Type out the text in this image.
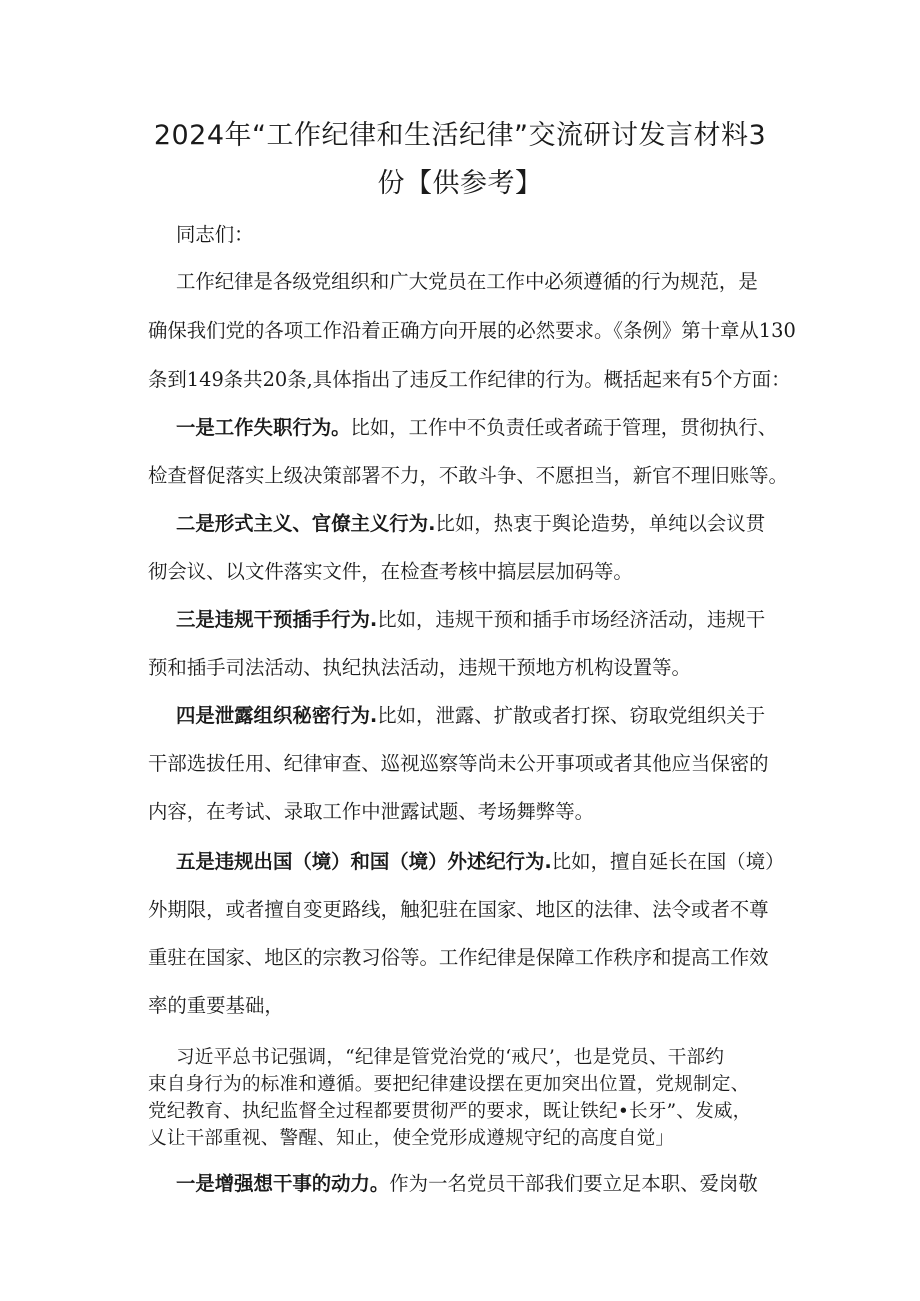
2024年“工作纪律和生活纪律”交流研讨发言材料3
份【供参考】
同志们：
工作纪律是各级党组织和广大党员在工作中必须遵循的行为规范，是
确保我们党的各项工作沿着正确方向开展的必然要求。《条例》第十章从130
条到149条共20条,具体指出了违反工作纪律的行为。概括起来有5个方面：
一是工作失职行为。比如，工作中不负责任或者疏于管理，贯彻执行、
检查督促落实上级决策部署不力，不敢斗争、不愿担当，新官不理旧账等。
二是形式主义、官僚主义行为.比如，热衷于舆论造势，单纯以会议贯
彻会议、以文件落实文件，在检查考核中搞层层加码等。
三是违规干预插手行为.比如，违规干预和插手市场经济活动，违规干
预和插手司法活动、执纪执法活动，违规干预地方机构设置等。
四是泄露组织秘密行为.比如，泄露、扩散或者打探、窃取党组织关于
干部选拔任用、纪律审查、巡视巡察等尚未公开事项或者其他应当保密的
内容，在考试、录取工作中泄露试题、考场舞弊等。
五是违规出国（境）和国（境）外述纪行为.比如，擅自延长在国（境）
外期限，或者擅自变更路线，触犯驻在国家、地区的法律、法令或者不尊
重驻在国家、地区的宗教习俗等。工作纪律是保障工作秩序和提高工作效
率的重要基础，
习近平总书记强调，“纪律是管党治党的‘戒尺’，也是党员、干部约
束自身行为的标准和遵循。要把纪律建设摆在更加突出位置，党规制定、
党纪教育、执纪监督全过程都要贯彻严的要求，既让铁纪•长牙”、发威，
乂让干部重视、警醒、知止，使全党形成遵规守纪的高度自觉」
一是增强想干事的动力。作为一名党员干部我们要立足本职、爱岗敬
